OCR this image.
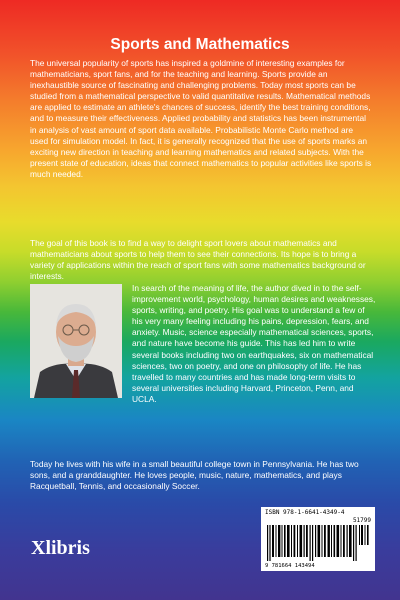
Sports and Mathematics

The universal popularity of sports has inspired a goldmine of interesting examples for mathematicians, sport fans, and for the teaching and learning. Sports provide an inexhaustible source of fascinating and challenging problems. Today most sports can be studied from a mathematical perspective to valid quantitative results. Mathematical methods are applied to estimate an athlete's chances of success, identify the best training conditions, and to measure their effectiveness. Applied probability and statistics has been instrumental in analysis of vast amount of sport data available. Probabilistic Monte Carlo method are used for simulation model. In fact, it is generally recognized that the use of sports marks an exciting new direction in teaching and learning mathematics and related subjects. With the present state of education, ideas that connect mathematics to popular activities like sports is much needed.

The goal of this book is to find a way to delight sport lovers about mathematics and mathematicians about sports to help them to see their connections. Its hope is to bring a variety of applications within the reach of sport fans with some mathematics background or interests.

In search of the meaning of life, the author dived in to the self-improvement world, psychology, human desires and weaknesses, sports, writing, and poetry. His goal was to understand a few of his very many feeling including his pains, depression, fears, and anxiety. Music, science especially mathematical sciences, sports, and nature have become his guide. This has led him to write several books including two on earthquakes, six on mathematical sciences, two on poetry, and one on philosophy of life. He has travelled to many countries and has made long-term visits to several universities including Harvard, Princeton, Penn, and UCLA.

Today he lives with his wife in a small beautiful college town in Pennsylvania. He has two sons, and a granddaughter. He loves people, music, nature, mathematics, and plays Racquetball, Tennis, and occasionally Soccer.

ISBN 978-1-6641-4349-4
51799
9 781664 143494
Xlibris
